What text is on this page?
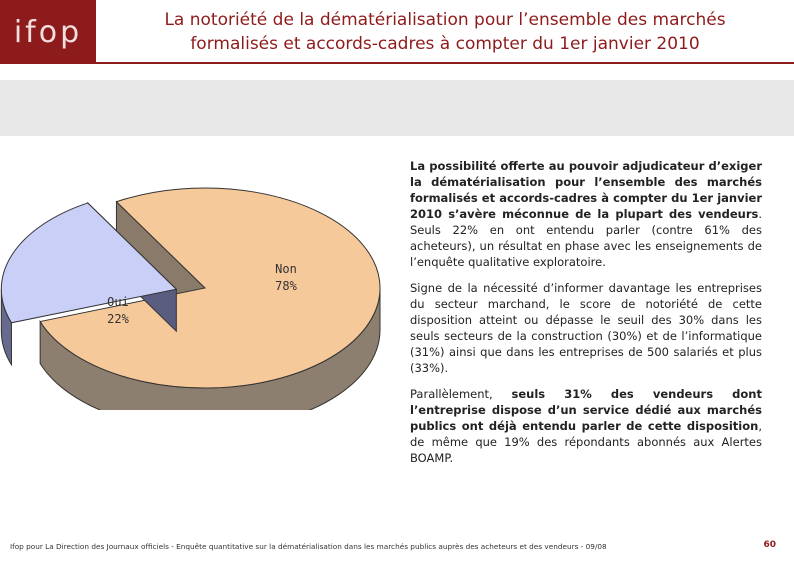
ifop	La notoriété de la dématérialisation pour l’ensemble des marchés
formalisés et accords-cadres à compter du 1er janvier 2010
Non
78%
Oui
22%

La possibilité offerte au pouvoir adjudicateur d’exiger la dématérialisation pour l’ensemble des marchés formalisés et accords-cadres à compter du 1er janvier 2010 s’avère méconnue de la plupart des vendeurs. Seuls 22% en ont entendu parler (contre 61% des acheteurs), un résultat en phase avec les enseignements de l’enquête qualitative exploratoire.

Signe de la nécessité d’informer davantage les entreprises du secteur marchand, le score de notoriété de cette disposition atteint ou dépasse le seuil des 30% dans les seuls secteurs de la construction (30%) et de l’informatique (31%) ainsi que dans les entreprises de 500 salariés et plus (33%).

Parallèlement, seuls 31% des vendeurs dont l’entreprise dispose d’un service dédié aux marchés publics ont déjà entendu parler de cette disposition, de même que 19% des répondants abonnés aux Alertes BOAMP.

Ifop pour La Direction des Journaux officiels - Enquête quantitative sur la dématérialisation dans les marchés publics auprès des acheteurs et des vendeurs - 09/08	60
